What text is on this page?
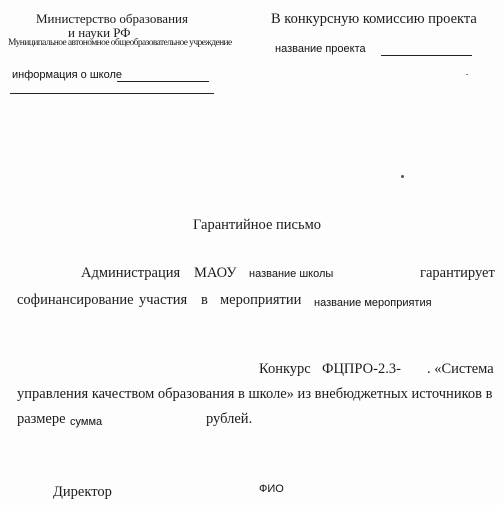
Министерство образования
и науки РФ
Муниципальное автономное общеобразовательное учреждение
информация о школе
В конкурсную комиссию проекта
название проекта
Гарантийное письмо
Администрация МАОУ название школы	гарантирует
софинансирование участия в мероприятии название мероприятия
Конкурс ФЦПРО-2.3- . «Система
управления качеством образования в школе» из внебюджетных источников в
размере сумма	рублей.
Директор	ФИО
